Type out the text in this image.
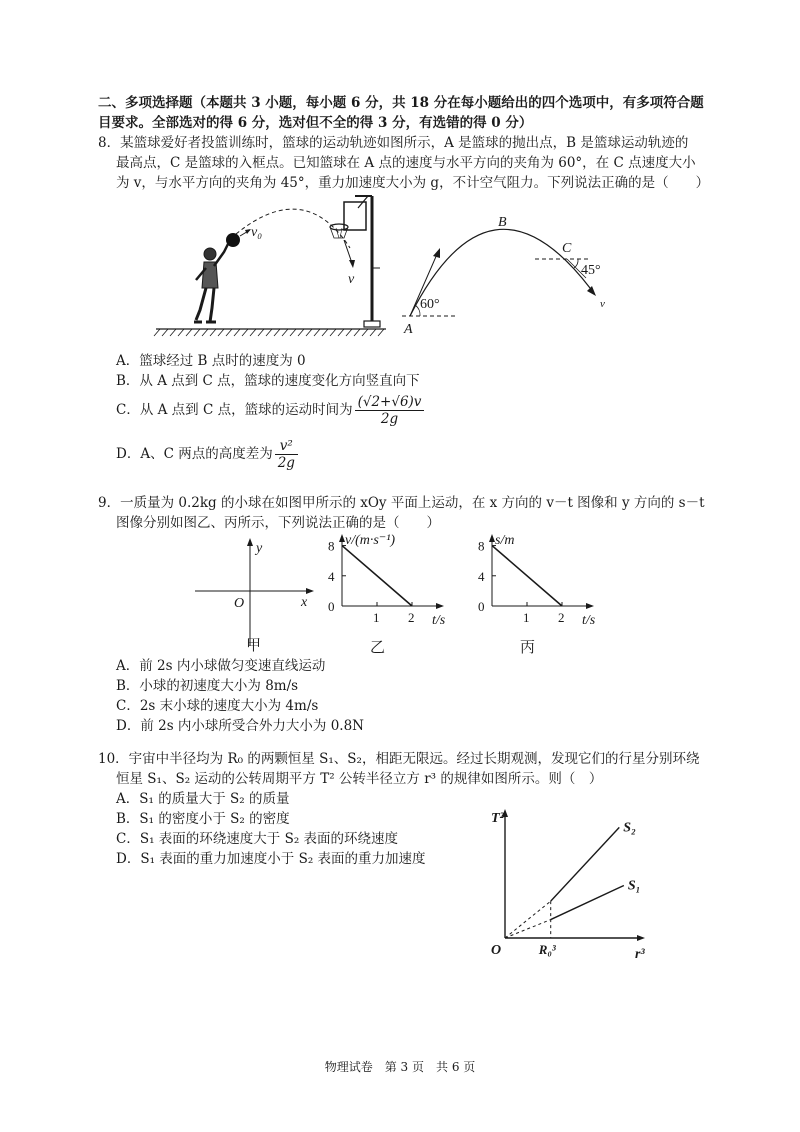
二、多项选择题（本题共 3 小题，每小题 6 分，共 18 分在每小题给出的四个选项中，有多项符合题
目要求。全部选对的得 6 分，选对但不全的得 3 分，有选错的得 0 分）
8．某篮球爱好者投篮训练时，篮球的运动轨迹如图所示，A 是篮球的抛出点，B 是篮球运动轨迹的
最高点，C 是篮球的入框点。已知篮球在 A 点的速度与水平方向的夹角为 60°，在 C 点速度大小
为 v，与水平方向的夹角为 45°，重力加速度大小为 g，不计空气阻力。下列说法正确的是（　　）
v₀
v
60°
A
B
C
45°
v
A．篮球经过 B 点时的速度为 0
B．从 A 点到 C 点，篮球的速度变化方向竖直向下
C．从 A 点到 C 点，篮球的运动时间为 $\frac{(√2+√6)v}{2g}$
D．A、C 两点的高度差为 $\frac{\text{v²}}{2g}$
9．一质量为 0.2kg 的小球在如图甲所示的 xOy 平面上运动，在 x 方向的 v－t 图像和 y 方向的 s－t
图像分别如图乙、丙所示，下列说法正确的是（　　）
y
x
O
甲
v/(m·s⁻¹)
t/s
8
4
0
1 2
乙
s/m
t/s
8
4
0
1 2
丙
A．前 2s 内小球做匀变速直线运动
B．小球的初速度大小为 8m/s
C．2s 末小球的速度大小为 4m/s
D．前 2s 内小球所受合外力大小为 0.8N
10．宇宙中半径均为 R₀ 的两颗恒星 S₁、S₂，相距无限远。经过长期观测，发现它们的行星分别环绕
恒星 S₁、S₂ 运动的公转周期平方 T² 公转半径立方 r³ 的规律如图所示。则（　）
A．S₁ 的质量大于 S₂ 的质量
B．S₁ 的密度小于 S₂ 的密度
C．S₁ 表面的环绕速度大于 S₂ 表面的环绕速度
D．S₁ 表面的重力加速度小于 S₂ 表面的重力加速度
T²
r³
O	R₀³
S₂
S₁
物理试卷　第 3 页　共 6 页
